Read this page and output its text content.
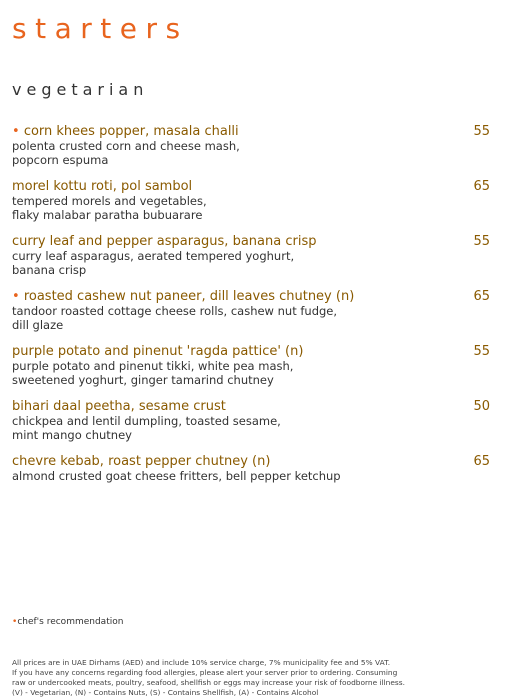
starters
vegetarian
• corn khees popper, masala challi
polenta crusted corn and cheese mash,
popcorn espuma
55
morel kottu roti, pol sambol
tempered morels and vegetables,
flaky malabar paratha bubuarare
65
curry leaf and pepper asparagus, banana crisp
curry leaf asparagus, aerated tempered yoghurt,
banana crisp
55
• roasted cashew nut paneer, dill leaves chutney (n)
tandoor roasted cottage cheese rolls, cashew nut fudge,
dill glaze
65
purple potato and pinenut 'ragda pattice' (n)
purple potato and pinenut tikki, white pea mash,
sweetened yoghurt, ginger tamarind chutney
55
bihari daal peetha, sesame crust
chickpea and lentil dumpling, toasted sesame,
mint mango chutney
50
chevre kebab, roast pepper chutney (n)
almond crusted goat cheese fritters, bell pepper ketchup
65
•chef's recommendation
All prices are in UAE Dirhams (AED) and include 10% service charge, 7% municipality fee and 5% VAT.
If you have any concerns regarding food allergies, please alert your server prior to ordering. Consuming
raw or undercooked meats, poultry, seafood, shellfish or eggs may increase your risk of foodborne illness.
(V) - Vegetarian, (N) - Contains Nuts, (S) - Contains Shellfish, (A) - Contains Alcohol
